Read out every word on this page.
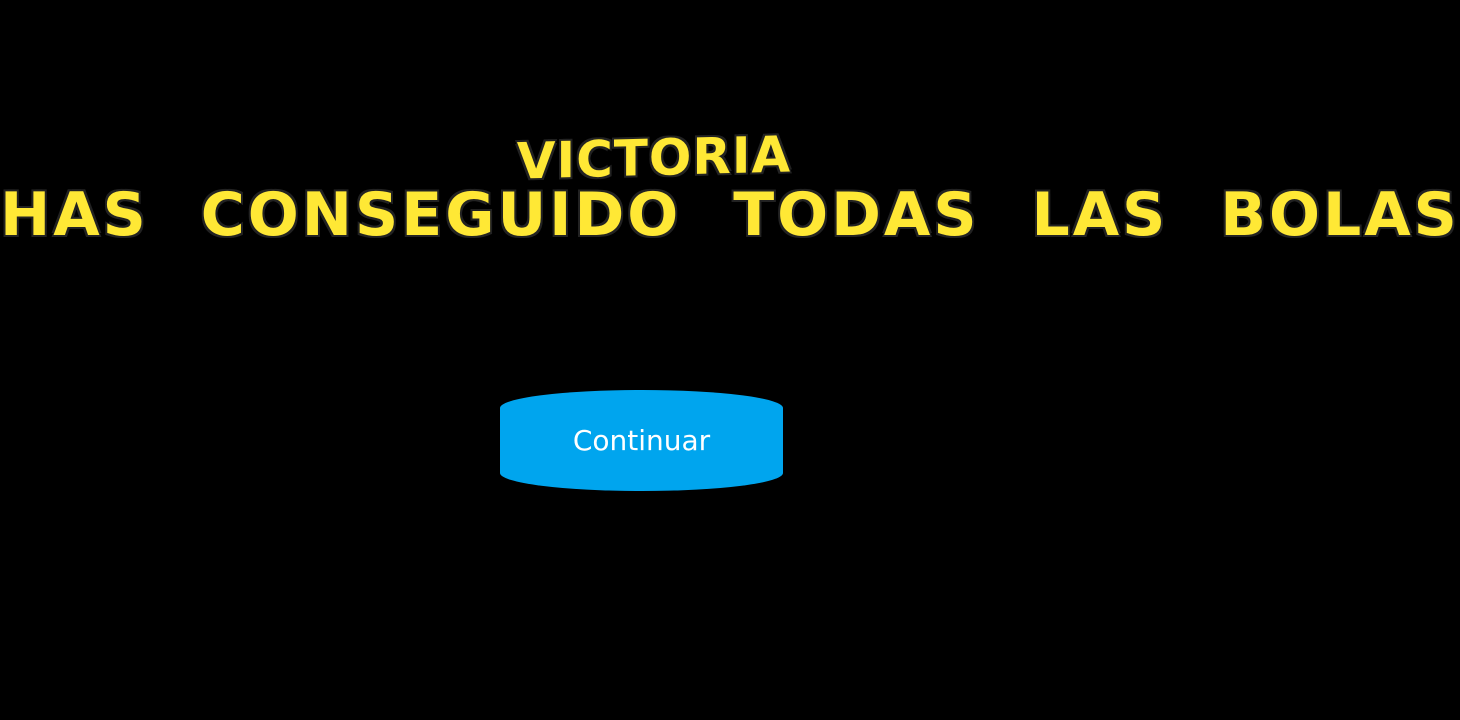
VICTORIA
HAS CONSEGUIDO TODAS LAS BOLAS
Continuar
